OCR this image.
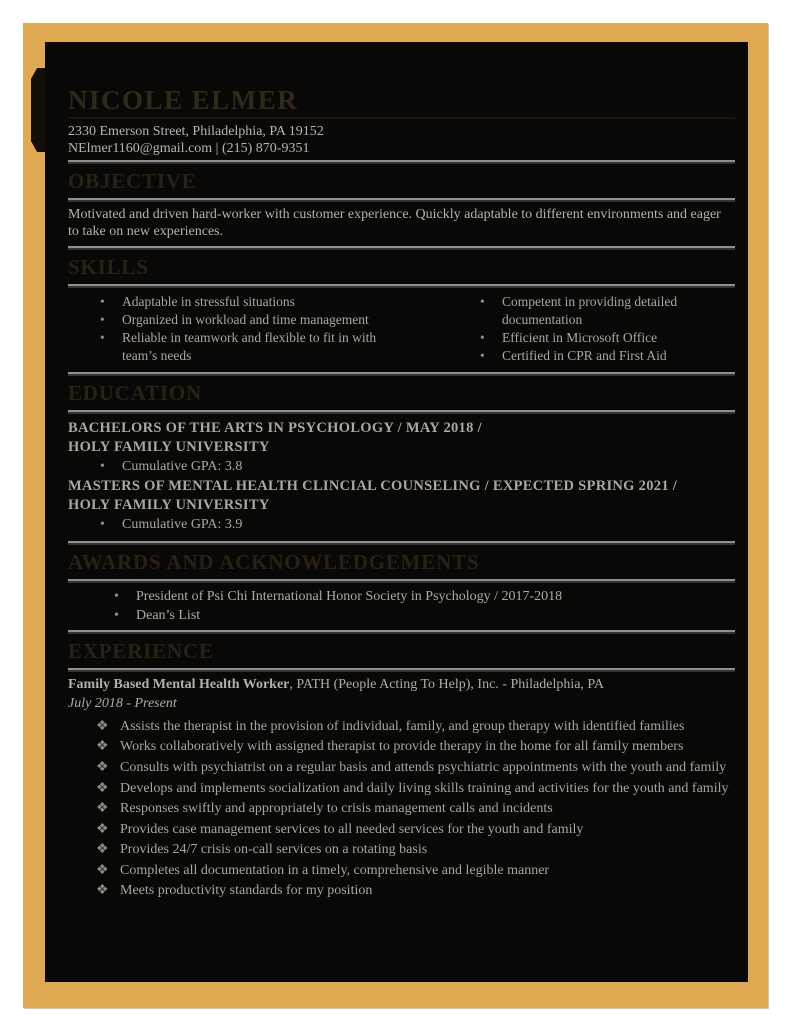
NICOLE ELMER
2330 Emerson Street, Philadelphia, PA 19152
NElmer1160@gmail.com | (215) 870-9351
OBJECTIVE
Motivated and driven hard-worker with customer experience. Quickly adaptable to different environments and eager to take on new experiences.
SKILLS
•	Adaptable in stressful situations
•	Organized in workload and time management
•	Reliable in teamwork and flexible to fit in with team’s needs
•	Competent in providing detailed documentation
•	Efficient in Microsoft Office
•	Certified in CPR and First Aid
EDUCATION
BACHELORS OF THE ARTS IN PSYCHOLOGY / MAY 2018 /
HOLY FAMILY UNIVERSITY
•	Cumulative GPA: 3.8
MASTERS OF MENTAL HEALTH CLINCIAL COUNSELING / EXPECTED SPRING 2021 /
HOLY FAMILY UNIVERSITY
•	Cumulative GPA: 3.9
AWARDS AND ACKNOWLEDGEMENTS
•	President of Psi Chi International Honor Society in Psychology / 2017-2018
•	Dean’s List
EXPERIENCE
Family Based Mental Health Worker, PATH (People Acting To Help), Inc. - Philadelphia, PA
July 2018 - Present
❖ Assists the therapist in the provision of individual, family, and group therapy with identified families
❖ Works collaboratively with assigned therapist to provide therapy in the home for all family members
❖ Consults with psychiatrist on a regular basis and attends psychiatric appointments with the youth and family
❖ Develops and implements socialization and daily living skills training and activities for the youth and family
❖ Responses swiftly and appropriately to crisis management calls and incidents
❖ Provides case management services to all needed services for the youth and family
❖ Provides 24/7 crisis on-call services on a rotating basis
❖ Completes all documentation in a timely, comprehensive and legible manner
❖ Meets productivity standards for my position
